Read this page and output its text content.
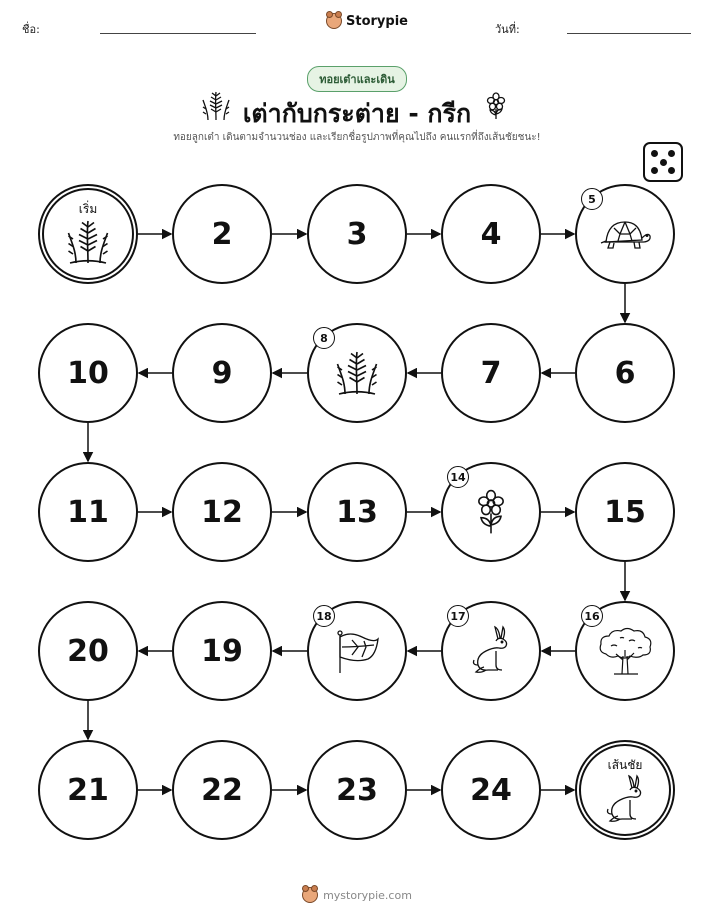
ชื่อ:
Storypie
วันที่:
ทอยเต๋าและเดิน
เต่ากับกระต่าย - กรีก
ทอยลูกเต๋า เดินตามจำนวนช่อง และเรียกชื่อรูปภาพที่คุณไปถึง คนแรกที่ถึงเส้นชัยชนะ!
เริ่ม
2	3	4
5
6
7
8
9
10
11	12	13
14
15
16
17
18
19
20
21	22	23	24
เส้นชัย
mystorypie.com
